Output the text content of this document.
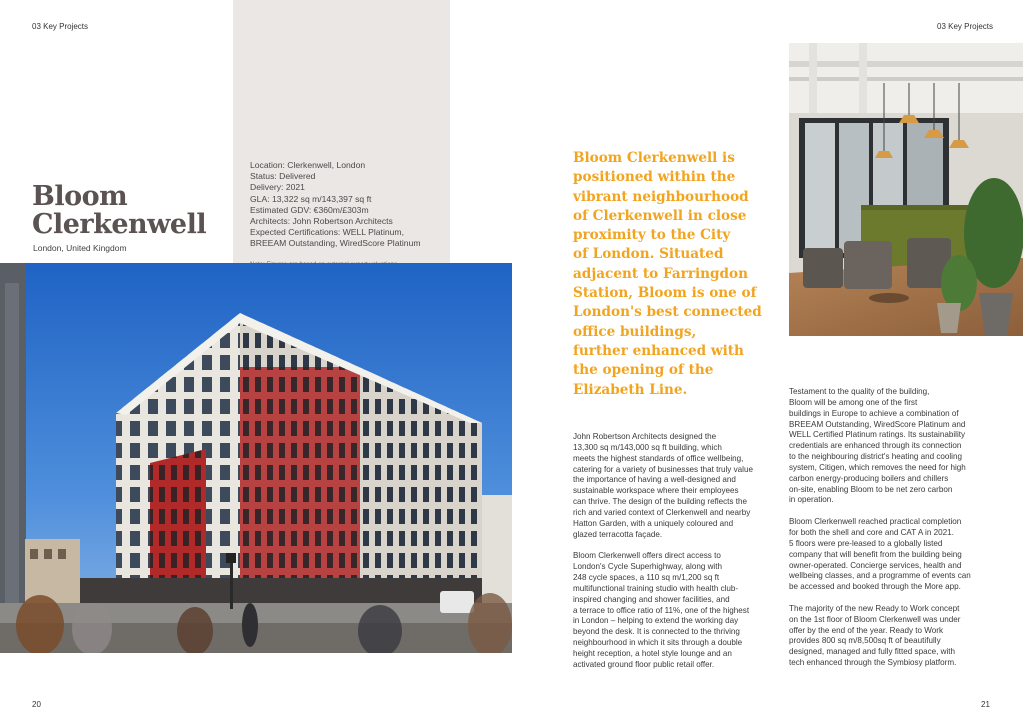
03 Key Projects	03 Key Projects
Bloom
Clerkenwell
London, United Kingdom
Location: Clerkenwell, London
Status: Delivered
Delivery: 2021
GLA: 13,322 sq m/143,397 sq ft
Estimated GDV: €360m/£303m
Architects: John Robertson Architects
Expected Certifications: WELL Platinum,
BREEAM Outstanding, WiredScore Platinum
Bloom Clerkenwell is
positioned within the
vibrant neighbourhood
of Clerkenwell in close
proximity to the City
of London. Situated
adjacent to Farringdon
Station, Bloom is one of
London's best connected
office buildings,
further enhanced with
the opening of the
Elizabeth Line.
John Robertson Architects designed the
13,300 sq m/143,000 sq ft building, which
meets the highest standards of office wellbeing,
catering for a variety of businesses that truly value
the importance of having a well-designed and
sustainable workspace where their employees
can thrive. The design of the building reflects the
rich and varied context of Clerkenwell and nearby
Hatton Garden, with a uniquely coloured and
glazed terracotta façade.
Bloom Clerkenwell offers direct access to
London's Cycle Superhighway, along with
248 cycle spaces, a 110 sq m/1,200 sq ft
multifunctional training studio with health club-
inspired changing and shower facilities, and
a terrace to office ratio of 11%, one of the highest
in London – helping to extend the working day
beyond the desk. It is connected to the thriving
neighbourhood in which it sits through a double
height reception, a hotel style lounge and an
activated ground floor public retail offer.
Testament to the quality of the building,
Bloom will be among one of the first
buildings in Europe to achieve a combination of
BREEAM Outstanding, WiredScore Platinum and
WELL Certified Platinum ratings. Its sustainability
credentials are enhanced through its connection
to the neighbouring district's heating and cooling
system, Citigen, which removes the need for high
carbon energy-producing boilers and chillers
on-site, enabling Bloom to be net zero carbon
in operation.
Bloom Clerkenwell reached practical completion
for both the shell and core and CAT A in 2021.
5 floors were pre-leased to a globally listed
company that will benefit from the building being
owner-operated. Concierge services, health and
wellbeing classes, and a programme of events can
be accessed and booked through the More app.
The majority of the new Ready to Work concept
on the 1st floor of Bloom Clerkenwell was under
offer by the end of the year. Ready to Work
provides 800 sq m/8,500sq ft of beautifully
designed, managed and fully fitted space, with
tech enhanced through the Symbiosy platform.
20	21
